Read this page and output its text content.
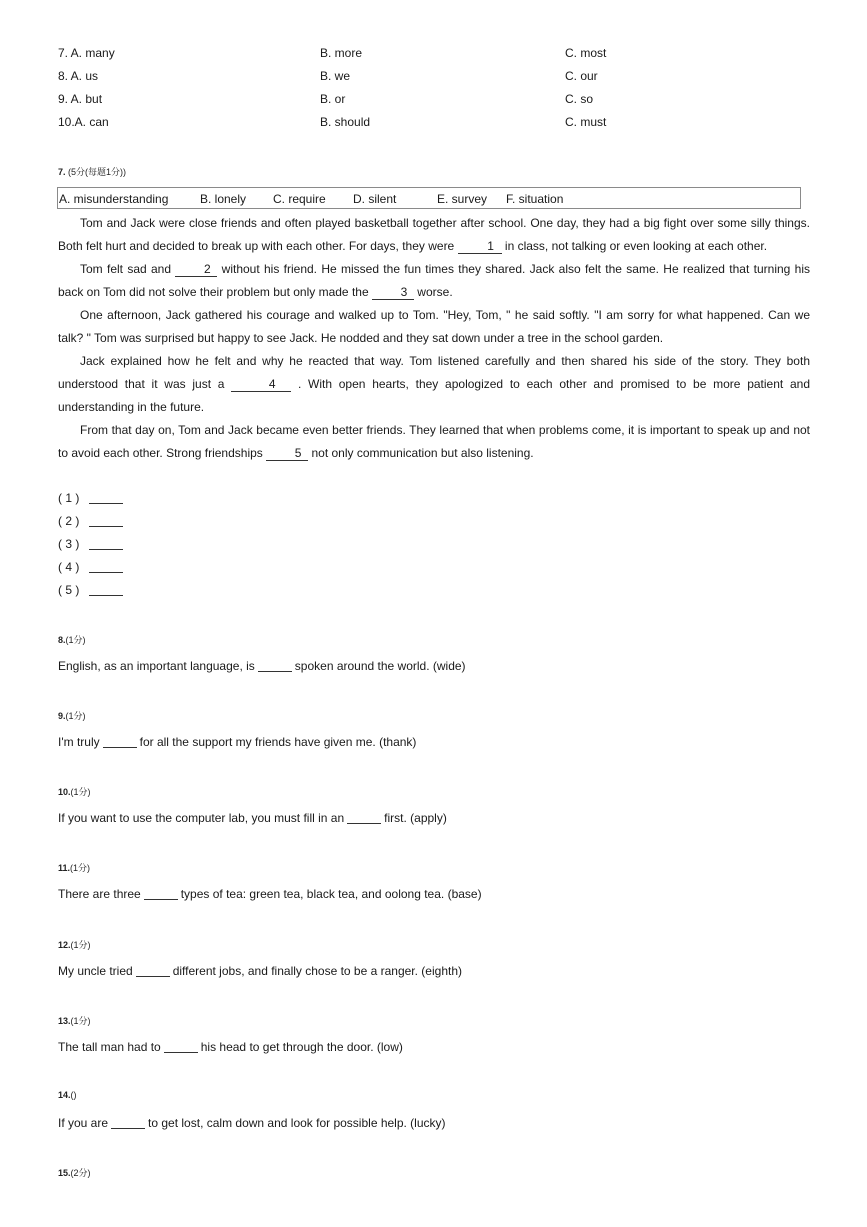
7. A. many	B. more	C. most
8. A. us	B. we	C. our
9. A. but	B. or	C. so
10.A. can	B. should	C. must
7. (5分(每题1分))
A. misunderstanding	B. lonely C. require D. silent	E. survey F. situation

Tom and Jack were close friends and often played basketball together after school. One day, they had a big fight over some silly things. Both felt hurt and decided to break up with each other. For days, they were 1 in class, not talking or even looking at each other.

Tom felt sad and 2 without his friend. He missed the fun times they shared. Jack also felt the same. He realized that turning his back on Tom did not solve their problem but only made the 3 worse.

One afternoon, Jack gathered his courage and walked up to Tom. "Hey, Tom, " he said softly. "I am sorry for what happened. Can we talk? " Tom was surprised but happy to see Jack. He nodded and they sat down under a tree in the school garden.

Jack explained how he felt and why he reacted that way. Tom listened carefully and then shared his side of the story. They both understood that it was just a	4 . With open hearts, they apologized to each other and promised to be more patient and understanding in the future.

From that day on, Tom and Jack became even better friends. They learned that when problems come, it is important to speak up and not to avoid each other. Strong friendships 5 not only communication but also listening.

( 1 )
( 2 )
( 3 )
( 4 )
( 5 )
8.(1分)
English, as an important language, is	spoken around the world. (wide)
9.(1分)
I'm truly	for all the support my friends have given me. (thank)
10.(1分)
If you want to use the computer lab, you must fill in an	first. (apply)
11.(1分)
There are three	types of tea: green tea, black tea, and oolong tea. (base)
12.(1分)
My uncle tried	different jobs, and finally chose to be a ranger. (eighth)
13.(1分)
The tall man had to	his head to get through the door. (low)
14.()
If you are	to get lost, calm down and look for possible help. (lucky)
15.(2分)
